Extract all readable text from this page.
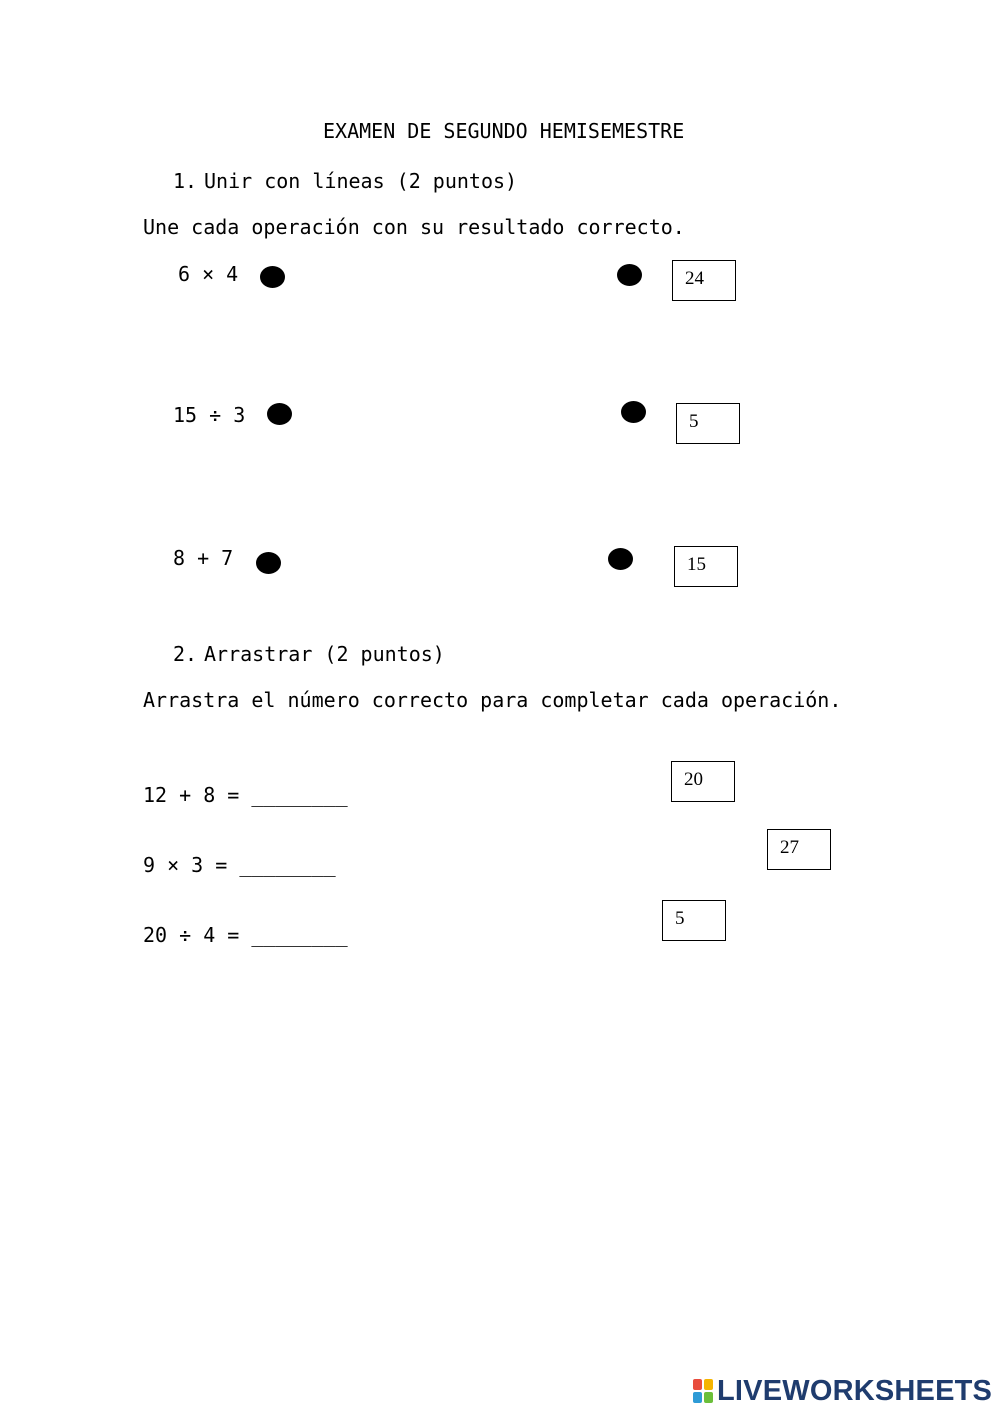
EXAMEN DE SEGUNDO HEMISEMESTRE
1. Unir con líneas (2 puntos)
Une cada operación con su resultado correcto.
6 × 4	24
15 ÷ 3	5
8 + 7	15
2. Arrastrar (2 puntos)
Arrastra el número correcto para completar cada operación.
12 + 8 = ________
9 × 3 = ________
20 ÷ 4 = ________
20
27
5
LIVEWORKSHEETS
